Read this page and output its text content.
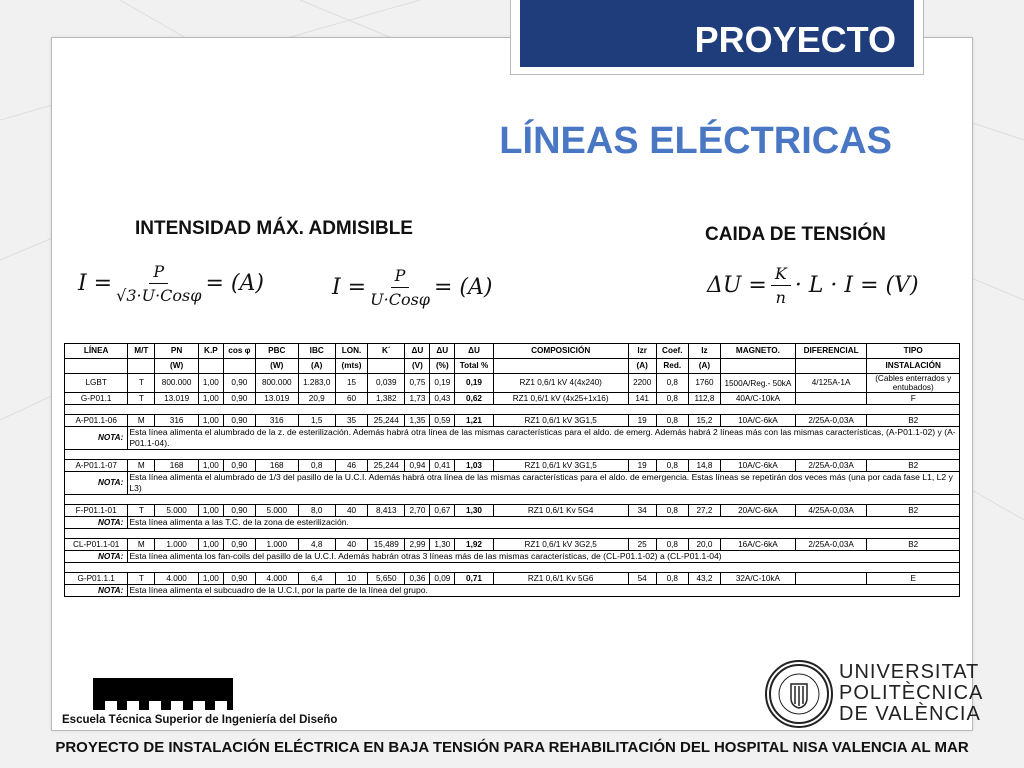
PROYECTO
LÍNEAS ELÉCTRICAS
INTENSIDAD MÁX. ADMISIBLE	CAIDA DE TENSIÓN
$I = \frac{P}{\text{√3·U·Cosφ}} = (A)$	$I = \frac{P}{\text{U·Cosφ}} = (A)$	$\Delta U = \frac{K}{n} \cdot L \cdot I = (V)$
LÍNEA	M/T	PN	K.P	cos φ	PBC	IBC	LON.	K´	ΔU	ΔU	ΔU	COMPOSICIÓN	Izr	Coef.	Iz	MAGNETO.	DIFERENCIAL	TIPO
		(W)			(W)	(A)	(mts)		(V)	(%)	Total %		(A)	Red.	(A)			INSTALACIÓN
LGBT	T	800.000	1,00	0,90	800.000	1.283,0	15	0,039	0,75	0,19	0,19	RZ1 0,6/1 kV 4(4x240)	2200	0,8	1760	1500A/Reg.- 50kA	4/125A-1A	(Cables enterrados y entubados)
G-P01.1	T	13.019	1,00	0,90	13.019	20,9	60	1,382	1,73	0,43	0,62	RZ1 0,6/1 kV (4x25+1x16)	141	0,8	112,8	40A/C-10kA		F

A-P01.1-06	M	316	1,00	0,90	316	1,5	35	25,244	1,35	0,59	1,21	RZ1 0,6/1 kV 3G1,5	19	0,8	15,2	10A/C-6kA	2/25A-0,03A	B2
NOTA:	Esta línea alimenta el alumbrado de la z. de esterilización. Además habrá otra línea de las mismas características para el aldo. de emerg. Además habrá 2 líneas más con las mismas características, (A-P01.1-02) y (A-P01.1-04).																	

A-P01.1-07	M	168	1,00	0,90	168	0,8	46	25,244	0,94	0,41	1,03	RZ1 0,6/1 kV 3G1,5	19	0,8	14,8	10A/C-6kA	2/25A-0,03A	B2
NOTA:	Esta línea alimenta el alumbrado de 1/3 del pasillo de la U.C.I. Además habrá otra línea de las mismas características para el aldo. de emergencia. Estas líneas se repetirán dos veces más (una por cada fase L1, L2 y L3)																	

F-P01.1-01	T	5.000	1,00	0,90	5.000	8,0	40	8,413	2,70	0,67	1,30	RZ1 0,6/1 Kv 5G4	34	0,8	27,2	20A/C-6kA	4/25A-0,03A	B2
NOTA:	Esta línea alimenta a las T.C. de la zona de esterilización.																	

CL-P01.1-01	M	1.000	1,00	0,90	1.000	4,8	40	15,489	2,99	1,30	1,92	RZ1 0,6/1 kV 3G2,5	25	0,8	20,0	16A/C-6kA	2/25A-0,03A	B2
NOTA:	Esta línea alimenta los fan-coils del pasillo de la U.C.I. Además habrán otras 3 líneas más de las mismas características, de (CL-P01.1-02) a (CL-P01.1-04)																	

G-P01.1.1	T	4.000	1,00	0,90	4.000	6,4	10	5,650	0,36	0,09	0,71	RZ1 0,6/1 Kv 5G6	54	0,8	43,2	32A/C-10kA		E
NOTA:	Esta línea alimenta el subcuadro de la U.C.I, por la parte de la línea del grupo.																	
Escuela Técnica Superior de Ingeniería del Diseño
UNIVERSITAT
POLITÈCNICA
DE VALÈNCIA
PROYECTO DE INSTALACIÓN ELÉCTRICA EN BAJA TENSIÓN PARA REHABILITACIÓN DEL HOSPITAL NISA VALENCIA AL MAR
